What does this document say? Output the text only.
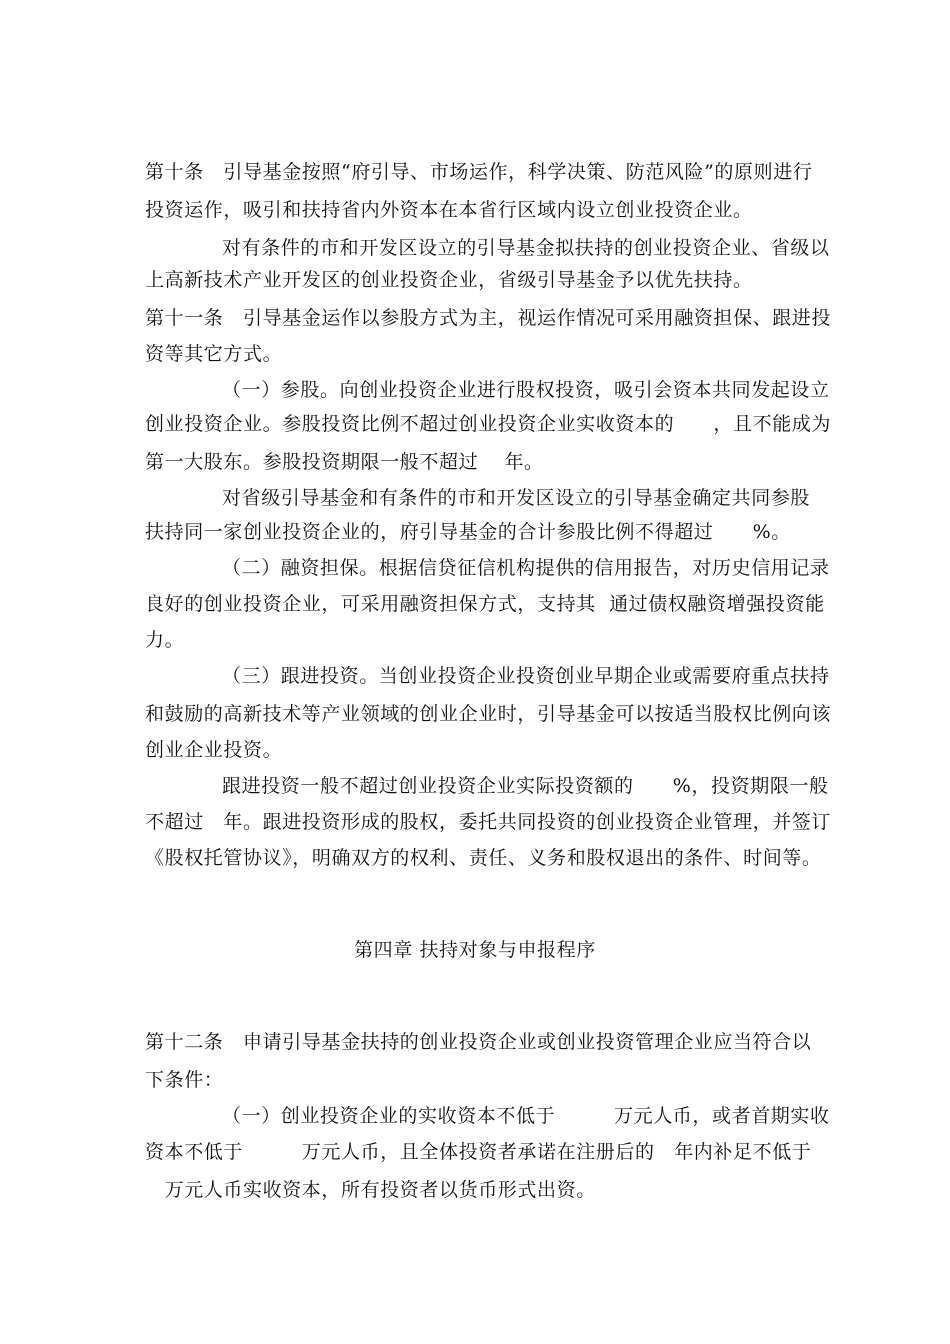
第十条　引导基金按照“府引导、市场运作，科学决策、防范风险”的原则进行
投资运作，吸引和扶持省内外资本在本省行区域内设立创业投资企业。
对有条件的市和开发区设立的引导基金拟扶持的创业投资企业、省级以
上高新技术产业开发区的创业投资企业，省级引导基金予以优先扶持。
第十一条　引导基金运作以参股方式为主，视运作情况可采用融资担保、跟进投
资等其它方式。
（一）参股。向创业投资企业进行股权投资，吸引会资本共同发起设立
创业投资企业。参股投资比例不超过创业投资企业实收资本的　　，且不能成为
第一大股东。参股投资期限一般不超过　 年。
对省级引导基金和有条件的市和开发区设立的引导基金确定共同参股
扶持同一家创业投资企业的，府引导基金的合计参股比例不得超过　　%。
（二）融资担保。根据信贷征信机构提供的信用报告，对历史信用记录
良好的创业投资企业，可采用融资担保方式，支持其  通过债权融资增强投资能
力。
（三）跟进投资。当创业投资企业投资创业早期企业或需要府重点扶持
和鼓励的高新技术等产业领域的创业企业时，引导基金可以按适当股权比例向该
创业企业投资。
跟进投资一般不超过创业投资企业实际投资额的　　%，投资期限一般
不超过　年。跟进投资形成的股权，委托共同投资的创业投资企业管理，并签订
《股权托管协议》，明确双方的权利、责任、义务和股权退出的条件、时间等。
第四章 扶持对象与申报程序
第十二条　申请引导基金扶持的创业投资企业或创业投资管理企业应当符合以
下条件：
（一）创业投资企业的实收资本不低于　　　万元人币，或者首期实收
资本不低于　　　万元人币，且全体投资者承诺在注册后的　年内补足不低于
　万元人币实收资本，所有投资者以货币形式出资。
